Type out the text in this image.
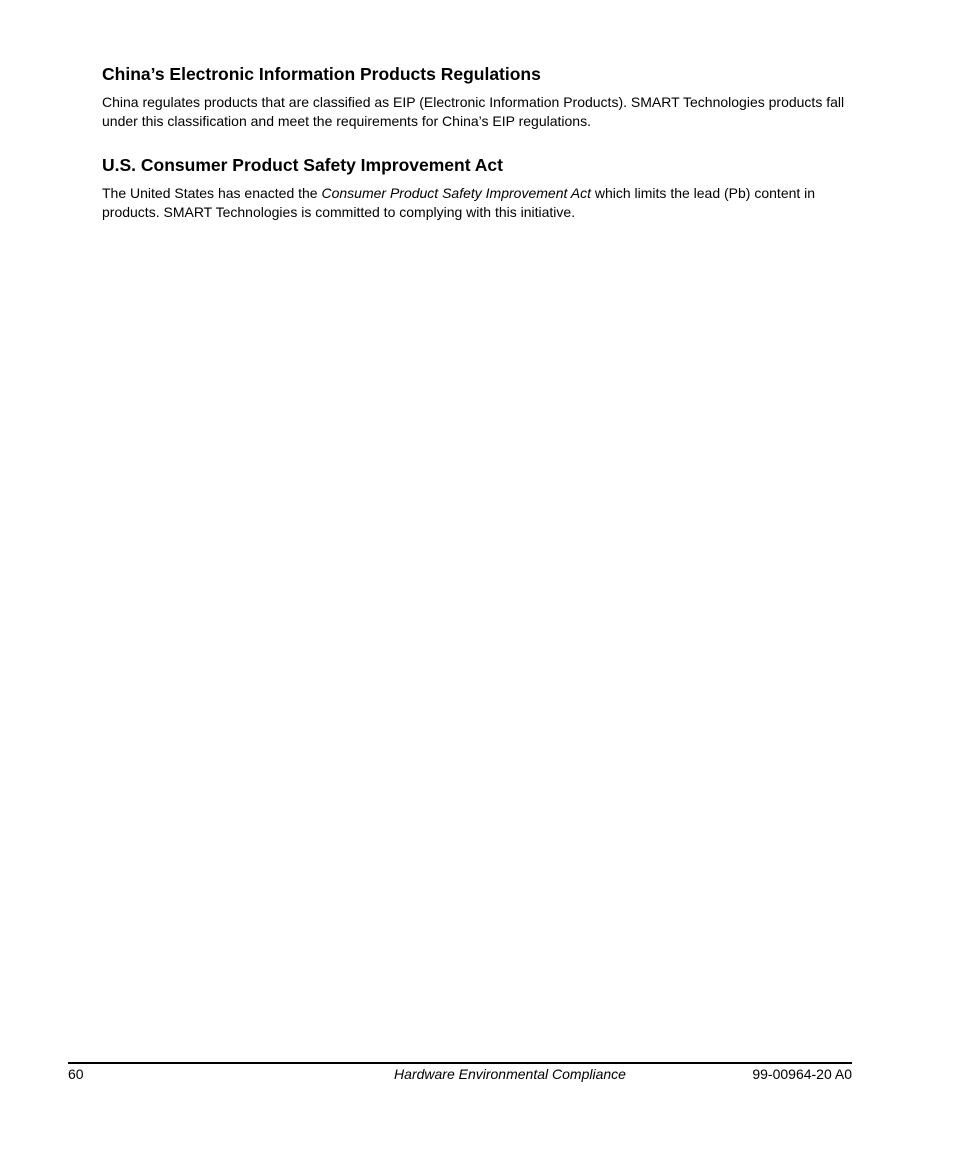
China’s Electronic Information Products Regulations

China regulates products that are classified as EIP (Electronic Information Products). SMART Technologies products fall under this classification and meet the requirements for China’s EIP regulations.

U.S. Consumer Product Safety Improvement Act

The United States has enacted the Consumer Product Safety Improvement Act which limits the lead (Pb) content in products. SMART Technologies is committed to complying with this initiative.

60	Hardware Environmental Compliance	99-00964-20 A0
